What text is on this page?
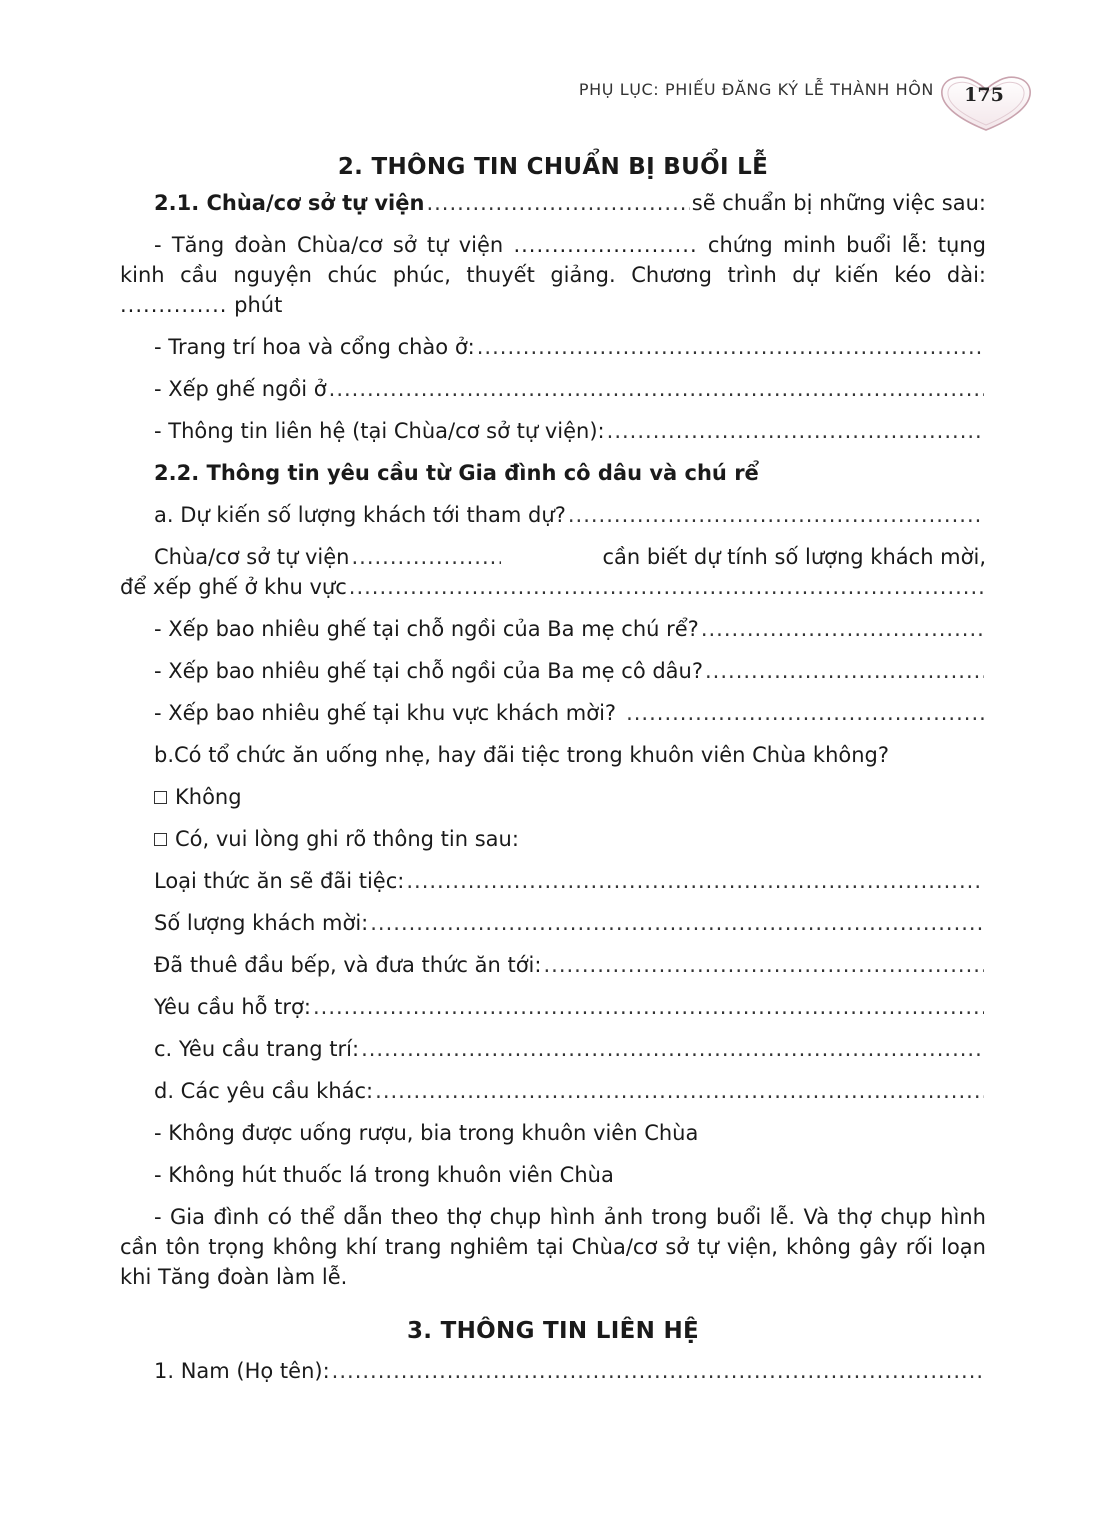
PHỤ LỤC: PHIẾU ĐĂNG KÝ LỄ THÀNH HÔN	175
2. THÔNG TIN CHUẨN BỊ BUỔI LỄ
2.1. Chùa/cơ sở tự viện .....	sẽ chuẩn bị những việc sau:

- Tăng đoàn Chùa/cơ sở tự viện ........................ chứng minh buổi lễ: tụng kinh cầu nguyện chúc phúc, thuyết giảng. Chương trình dự kiến kéo dài: .............. phút

- Trang trí hoa và cổng chào ở:
.....
- Xếp ghế ngồi ở
.....
- Thông tin liên hệ (tại Chùa/cơ sở tự viện):
.....
2.2. Thông tin yêu cầu từ Gia đình cô dâu và chú rể
a. Dự kiến số lượng khách tới tham dự?
.....
Chùa/cơ sở tự viện .....	cần biết dự tính số lượng khách mời,
để xếp ghế ở khu vực
.....
- Xếp bao nhiêu ghế tại chỗ ngồi của Ba mẹ chú rể?
.....
- Xếp bao nhiêu ghế tại chỗ ngồi của Ba mẹ cô dâu?
.....
- Xếp bao nhiêu ghế tại khu vực khách mời?
.....

b.Có tổ chức ăn uống nhẹ, hay đãi tiệc trong khuôn viên Chùa không?

Không
Có, vui lòng ghi rõ thông tin sau:
Loại thức ăn sẽ đãi tiệc:
.....
Số lượng khách mời:
.....
Đã thuê đầu bếp, và đưa thức ăn tới:
.....
Yêu cầu hỗ trợ:
.....
c. Yêu cầu trang trí:
.....
d. Các yêu cầu khác:
.....

- Không được uống rượu, bia trong khuôn viên Chùa

- Không hút thuốc lá trong khuôn viên Chùa

- Gia đình có thể dẫn theo thợ chụp hình ảnh trong buổi lễ. Và thợ chụp hình cần tôn trọng không khí trang nghiêm tại Chùa/cơ sở tự viện, không gây rối loạn khi Tăng đoàn làm lễ.

3. THÔNG TIN LIÊN HỆ
1. Nam (Họ tên):
.....
